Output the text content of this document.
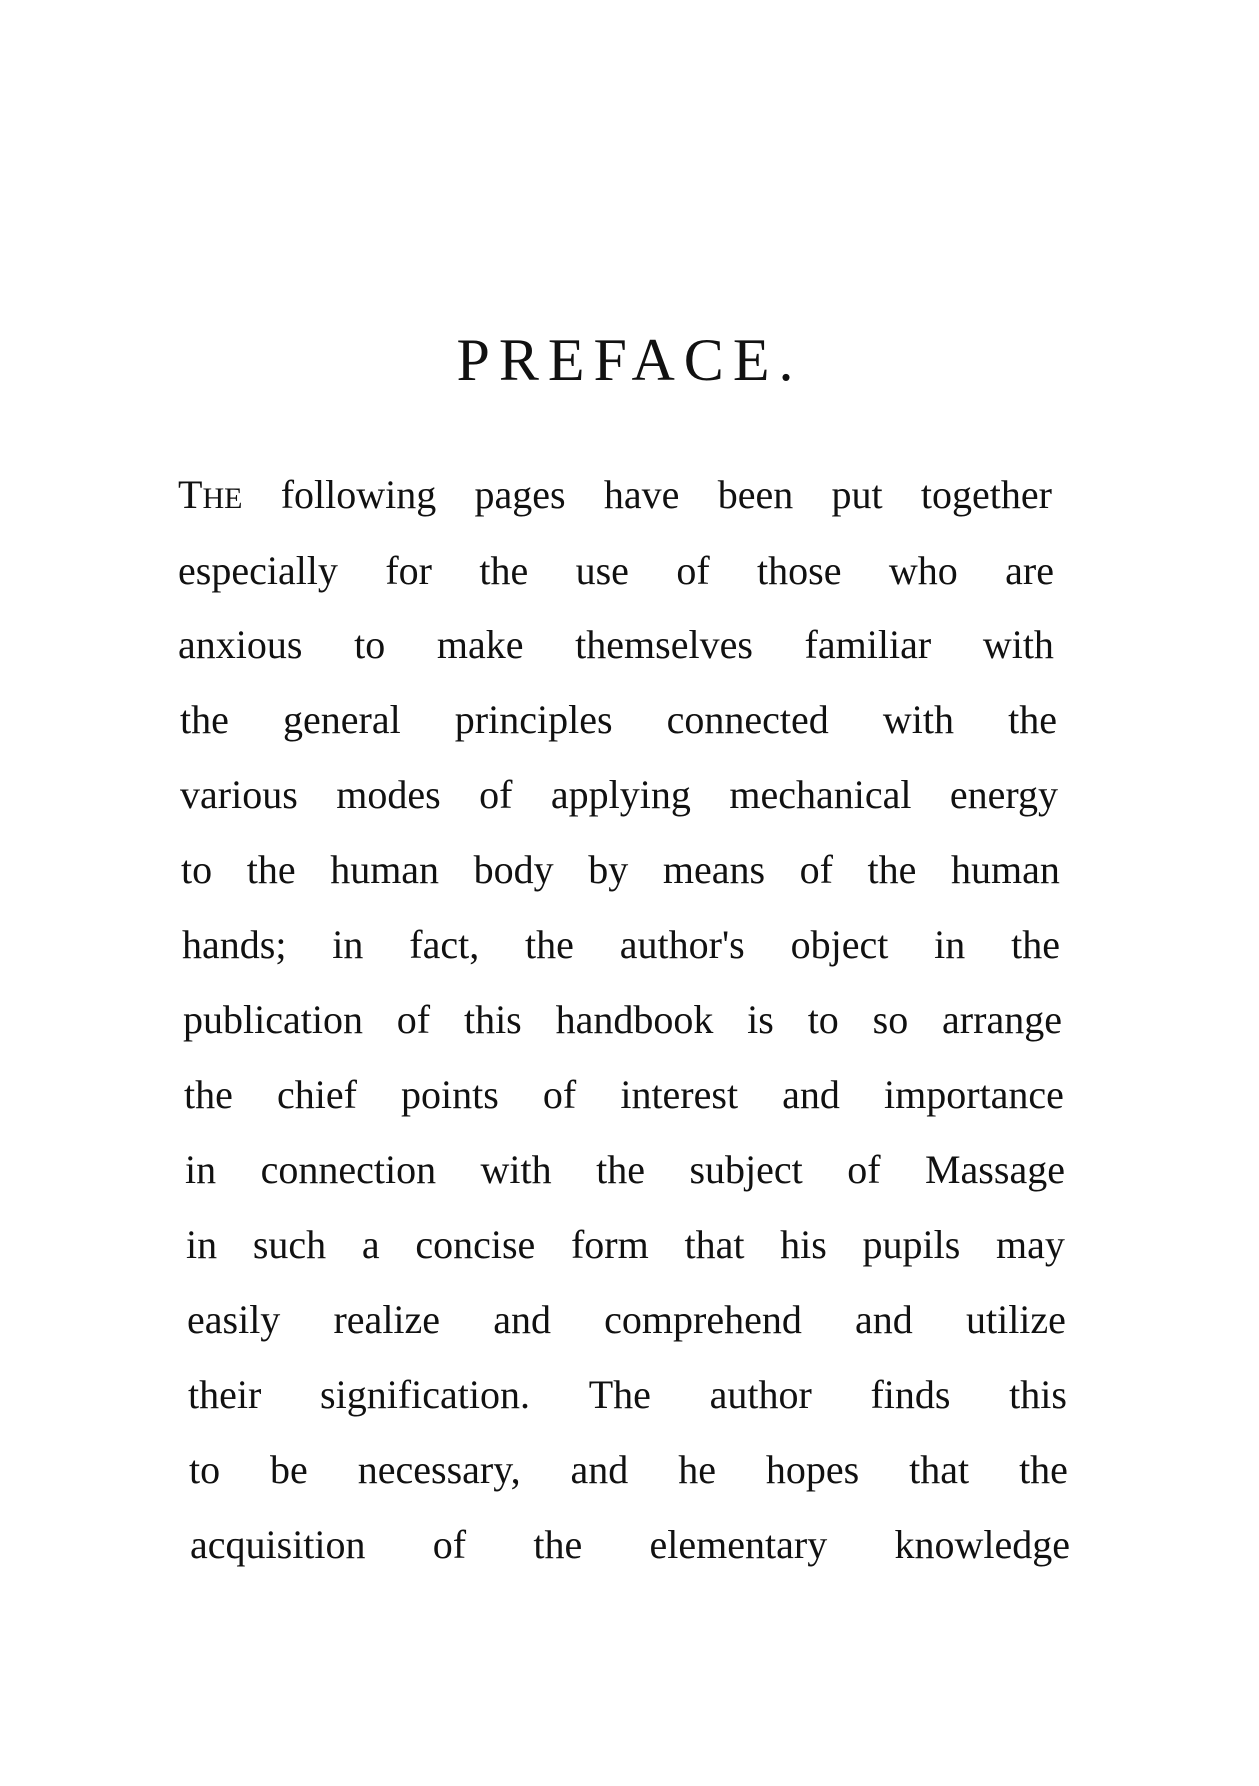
PREFACE.
THE following pages have been put together
especially for the use of those who are
anxious to make themselves familiar with
the general principles connected with the
various modes of applying mechanical energy
to the human body by means of the human
hands; in fact, the author's object in the
publication of this handbook is to so arrange
the chief points of interest and importance
in connection with the subject of Massage
in such a concise form that his pupils may
easily realize and comprehend and utilize
their signification. The author finds this
to be necessary, and he hopes that the
acquisition of the elementary knowledge
